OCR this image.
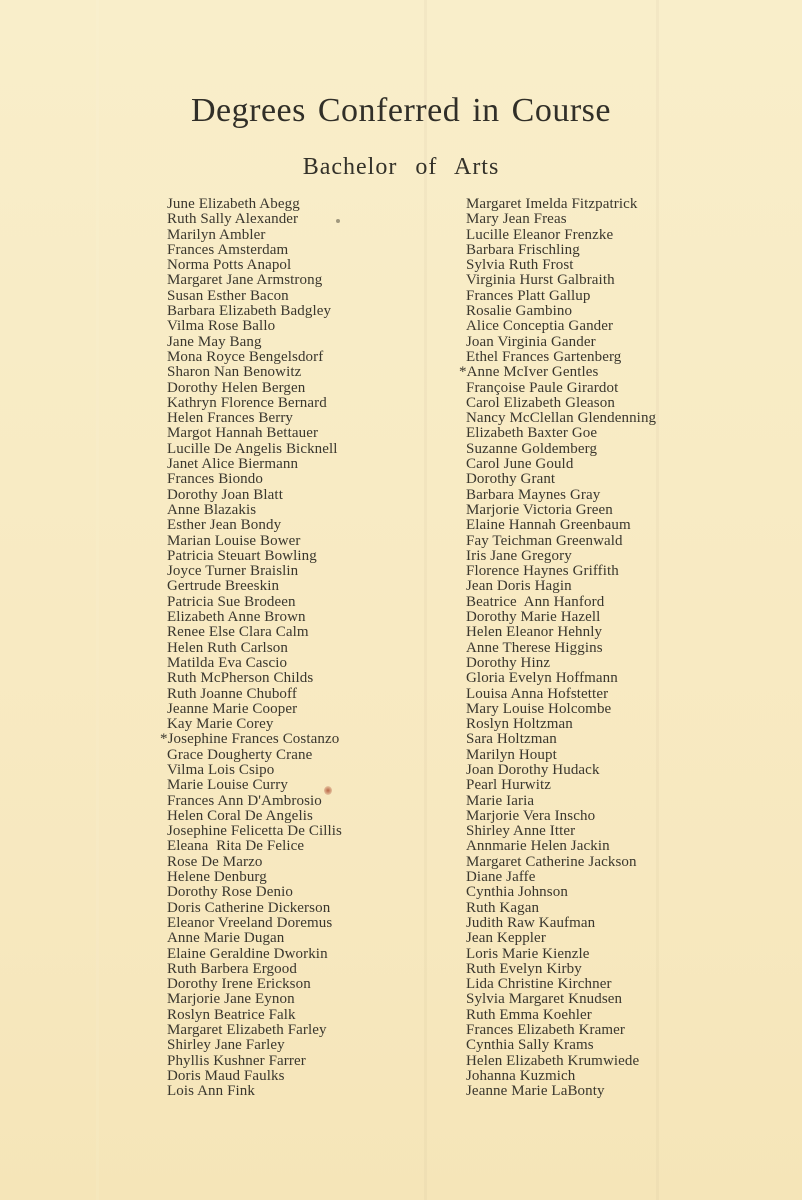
Degrees Conferred in Course
Bachelor of Arts
June Elizabeth Abegg
Ruth Sally Alexander
Marilyn Ambler
Frances Amsterdam
Norma Potts Anapol
Margaret Jane Armstrong
Susan Esther Bacon
Barbara Elizabeth Badgley
Vilma Rose Ballo
Jane May Bang
Mona Royce Bengelsdorf
Sharon Nan Benowitz
Dorothy Helen Bergen
Kathryn Florence Bernard
Helen Frances Berry
Margot Hannah Bettauer
Lucille De Angelis Bicknell
Janet Alice Biermann
Frances Biondo
Dorothy Joan Blatt
Anne Blazakis
Esther Jean Bondy
Marian Louise Bower
Patricia Steuart Bowling
Joyce Turner Braislin
Gertrude Breeskin
Patricia Sue Brodeen
Elizabeth Anne Brown
Renee Else Clara Calm
Helen Ruth Carlson
Matilda Eva Cascio
Ruth McPherson Childs
Ruth Joanne Chuboff
Jeanne Marie Cooper
Kay Marie Corey
*Josephine Frances Costanzo
Grace Dougherty Crane
Vilma Lois Csipo
Marie Louise Curry
Frances Ann D'Ambrosio
Helen Coral De Angelis
Josephine Felicetta De Cillis
Eleana  Rita De Felice
Rose De Marzo
Helene Denburg
Dorothy Rose Denio
Doris Catherine Dickerson
Eleanor Vreeland Doremus
Anne Marie Dugan
Elaine Geraldine Dworkin
Ruth Barbera Ergood
Dorothy Irene Erickson
Marjorie Jane Eynon
Roslyn Beatrice Falk
Margaret Elizabeth Farley
Shirley Jane Farley
Phyllis Kushner Farrer
Doris Maud Faulks
Lois Ann Fink
Margaret Imelda Fitzpatrick
Mary Jean Freas
Lucille Eleanor Frenzke
Barbara Frischling
Sylvia Ruth Frost
Virginia Hurst Galbraith
Frances Platt Gallup
Rosalie Gambino
Alice Conceptia Gander
Joan Virginia Gander
Ethel Frances Gartenberg
*Anne McIver Gentles
Françoise Paule Girardot
Carol Elizabeth Gleason
Nancy McClellan Glendenning
Elizabeth Baxter Goe
Suzanne Goldemberg
Carol June Gould
Dorothy Grant
Barbara Maynes Gray
Marjorie Victoria Green
Elaine Hannah Greenbaum
Fay Teichman Greenwald
Iris Jane Gregory
Florence Haynes Griffith
Jean Doris Hagin
Beatrice  Ann Hanford
Dorothy Marie Hazell
Helen Eleanor Hehnly
Anne Therese Higgins
Dorothy Hinz
Gloria Evelyn Hoffmann
Louisa Anna Hofstetter
Mary Louise Holcombe
Roslyn Holtzman
Sara Holtzman
Marilyn Houpt
Joan Dorothy Hudack
Pearl Hurwitz
Marie Iaria
Marjorie Vera Inscho
Shirley Anne Itter
Annmarie Helen Jackin
Margaret Catherine Jackson
Diane Jaffe
Cynthia Johnson
Ruth Kagan
Judith Raw Kaufman
Jean Keppler
Loris Marie Kienzle
Ruth Evelyn Kirby
Lida Christine Kirchner
Sylvia Margaret Knudsen
Ruth Emma Koehler
Frances Elizabeth Kramer
Cynthia Sally Krams
Helen Elizabeth Krumwiede
Johanna Kuzmich
Jeanne Marie LaBonty
